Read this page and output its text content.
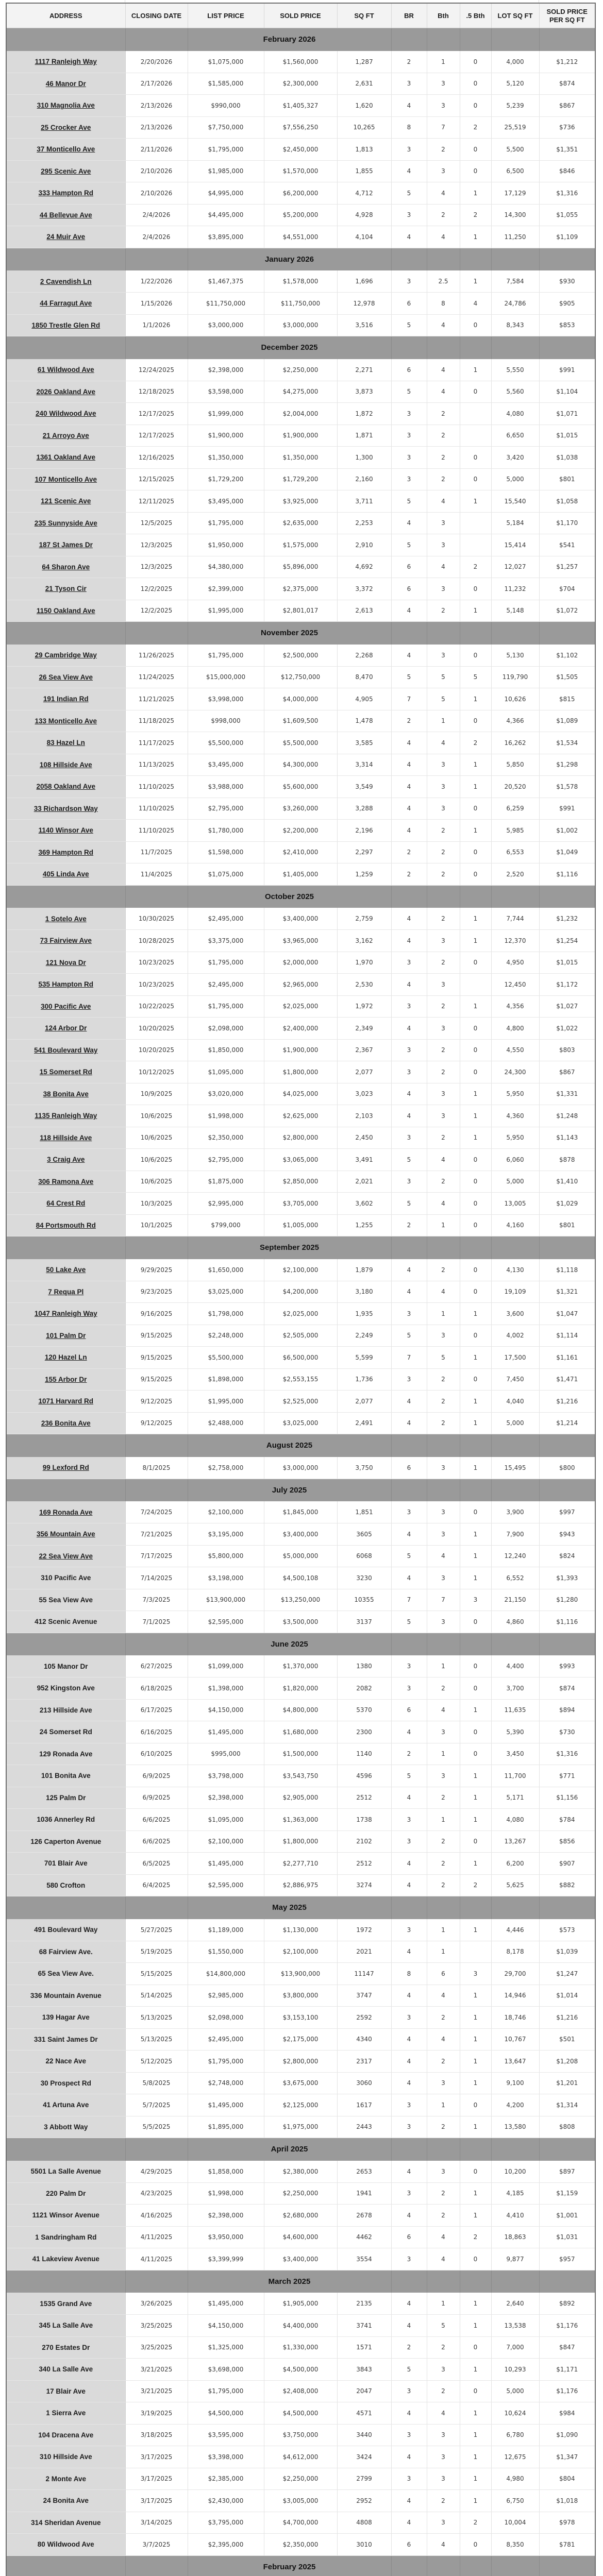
ADDRESS	CLOSING DATE	LIST PRICE	SOLD PRICE	SQ FT	BR	Bth	.5 Bth	LOT SQ FT	SOLD PRICE PER SQ FT
		February 2026							
1117 Ranleigh Way	2/20/2026	$1,075,000	$1,560,000	1,287	2	1	0	4,000	$1,212
46 Manor Dr	2/17/2026	$1,585,000	$2,300,000	2,631	3	3	0	5,120	$874
310 Magnolia Ave	2/13/2026	$990,000	$1,405,327	1,620	4	3	0	5,239	$867
25 Crocker Ave	2/13/2026	$7,750,000	$7,556,250	10,265	8	7	2	25,519	$736
37 Monticello Ave	2/11/2026	$1,795,000	$2,450,000	1,813	3	2	0	5,500	$1,351
295 Scenic Ave	2/10/2026	$1,985,000	$1,570,000	1,855	4	3	0	6,500	$846
333 Hampton Rd	2/10/2026	$4,995,000	$6,200,000	4,712	5	4	1	17,129	$1,316
44 Bellevue Ave	2/4/2026	$4,495,000	$5,200,000	4,928	3	2	2	14,300	$1,055
24 Muir Ave	2/4/2026	$3,895,000	$4,551,000	4,104	4	4	1	11,250	$1,109
		January 2026							
2 Cavendish Ln	1/22/2026	$1,467,375	$1,578,000	1,696	3	2.5	1	7,584	$930
44 Farragut Ave	1/15/2026	$11,750,000	$11,750,000	12,978	6	8	4	24,786	$905
1850 Trestle Glen Rd	1/1/2026	$3,000,000	$3,000,000	3,516	5	4	0	8,343	$853
		December 2025							
61 Wildwood Ave	12/24/2025	$2,398,000	$2,250,000	2,271	6	4	1	5,550	$991
2026 Oakland Ave	12/18/2025	$3,598,000	$4,275,000	3,873	5	4	0	5,560	$1,104
240 Wildwood Ave	12/17/2025	$1,999,000	$2,004,000	1,872	3	2		4,080	$1,071
21 Arroyo Ave	12/17/2025	$1,900,000	$1,900,000	1,871	3	2		6,650	$1,015
1361 Oakland Ave	12/16/2025	$1,350,000	$1,350,000	1,300	3	2	0	3,420	$1,038
107 Monticello Ave	12/15/2025	$1,729,200	$1,729,200	2,160	3	2	0	5,000	$801
121 Scenic Ave	12/11/2025	$3,495,000	$3,925,000	3,711	5	4	1	15,540	$1,058
235 Sunnyside Ave	12/5/2025	$1,795,000	$2,635,000	2,253	4	3		5,184	$1,170
187 St James Dr	12/3/2025	$1,950,000	$1,575,000	2,910	5	3		15,414	$541
64 Sharon Ave	12/3/2025	$4,380,000	$5,896,000	4,692	6	4	2	12,027	$1,257
21 Tyson Cir	12/2/2025	$2,399,000	$2,375,000	3,372	6	3	0	11,232	$704
1150 Oakland Ave	12/2/2025	$1,995,000	$2,801,017	2,613	4	2	1	5,148	$1,072
		November 2025							
29 Cambridge Way	11/26/2025	$1,795,000	$2,500,000	2,268	4	3	0	5,130	$1,102
26 Sea View Ave	11/24/2025	$15,000,000	$12,750,000	8,470	5	5	5	119,790	$1,505
191 Indian Rd	11/21/2025	$3,998,000	$4,000,000	4,905	7	5	1	10,626	$815
133 Monticello Ave	11/18/2025	$998,000	$1,609,500	1,478	2	1	0	4,366	$1,089
83 Hazel Ln	11/17/2025	$5,500,000	$5,500,000	3,585	4	4	2	16,262	$1,534
108 Hillside Ave	11/13/2025	$3,495,000	$4,300,000	3,314	4	3	1	5,850	$1,298
2058 Oakland Ave	11/10/2025	$3,988,000	$5,600,000	3,549	4	3	1	20,520	$1,578
33 Richardson Way	11/10/2025	$2,795,000	$3,260,000	3,288	4	3	0	6,259	$991
1140 Winsor Ave	11/10/2025	$1,780,000	$2,200,000	2,196	4	2	1	5,985	$1,002
369 Hampton Rd	11/7/2025	$1,598,000	$2,410,000	2,297	2	2	0	6,553	$1,049
405 Linda Ave	11/4/2025	$1,075,000	$1,405,000	1,259	2	2	0	2,520	$1,116
		October 2025							
1 Sotelo Ave	10/30/2025	$2,495,000	$3,400,000	2,759	4	2	1	7,744	$1,232
73 Fairview Ave	10/28/2025	$3,375,000	$3,965,000	3,162	4	3	1	12,370	$1,254
121 Nova Dr	10/23/2025	$1,795,000	$2,000,000	1,970	3	2	0	4,950	$1,015
535 Hampton Rd	10/23/2025	$2,495,000	$2,965,000	2,530	4	3		12,450	$1,172
300 Pacific Ave	10/22/2025	$1,795,000	$2,025,000	1,972	3	2	1	4,356	$1,027
124 Arbor Dr	10/20/2025	$2,098,000	$2,400,000	2,349	4	3	0	4,800	$1,022
541 Boulevard Way	10/20/2025	$1,850,000	$1,900,000	2,367	3	2	0	4,550	$803
15 Somerset Rd	10/12/2025	$1,095,000	$1,800,000	2,077	3	2	0	24,300	$867
38 Bonita Ave	10/9/2025	$3,020,000	$4,025,000	3,023	4	3	1	5,950	$1,331
1135 Ranleigh Way	10/6/2025	$1,998,000	$2,625,000	2,103	4	3	1	4,360	$1,248
118 Hillside Ave	10/6/2025	$2,350,000	$2,800,000	2,450	3	2	1	5,950	$1,143
3 Craig Ave	10/6/2025	$2,795,000	$3,065,000	3,491	5	4	0	6,060	$878
306 Ramona Ave	10/6/2025	$1,875,000	$2,850,000	2,021	3	2	0	5,000	$1,410
64 Crest Rd	10/3/2025	$2,995,000	$3,705,000	3,602	5	4	0	13,005	$1,029
84 Portsmouth Rd	10/1/2025	$799,000	$1,005,000	1,255	2	1	0	4,160	$801
		September 2025							
50 Lake Ave	9/29/2025	$1,650,000	$2,100,000	1,879	4	2	0	4,130	$1,118
7 Requa Pl	9/23/2025	$3,025,000	$4,200,000	3,180	4	4	0	19,109	$1,321
1047 Ranleigh Way	9/16/2025	$1,798,000	$2,025,000	1,935	3	1	1	3,600	$1,047
101 Palm Dr	9/15/2025	$2,248,000	$2,505,000	2,249	5	3	0	4,002	$1,114
120 Hazel Ln	9/15/2025	$5,500,000	$6,500,000	5,599	7	5	1	17,500	$1,161
155 Arbor Dr	9/15/2025	$1,898,000	$2,553,155	1,736	3	2	0	7,450	$1,471
1071 Harvard Rd	9/12/2025	$1,995,000	$2,525,000	2,077	4	2	1	4,040	$1,216
236 Bonita Ave	9/12/2025	$2,488,000	$3,025,000	2,491	4	2	1	5,000	$1,214
		August 2025							
99 Lexford Rd	8/1/2025	$2,758,000	$3,000,000	3,750	6	3	1	15,495	$800
		July 2025							
169 Ronada Ave	7/24/2025	$2,100,000	$1,845,000	1,851	3	3	0	3,900	$997
356 Mountain Ave	7/21/2025	$3,195,000	$3,400,000	3605	4	3	1	7,900	$943
22 Sea View Ave	7/17/2025	$5,800,000	$5,000,000	6068	5	4	1	12,240	$824
310 Pacific Ave	7/14/2025	$3,198,000	$4,500,108	3230	4	3	1	6,552	$1,393
55 Sea View Ave	7/3/2025	$13,900,000	$13,250,000	10355	7	7	3	21,150	$1,280
412 Scenic Avenue	7/1/2025	$2,595,000	$3,500,000	3137	5	3	0	4,860	$1,116
		June 2025							
105 Manor Dr	6/27/2025	$1,099,000	$1,370,000	1380	3	1	0	4,400	$993
952 Kingston Ave	6/18/2025	$1,398,000	$1,820,000	2082	3	2	0	3,700	$874
213 Hillside Ave	6/17/2025	$4,150,000	$4,800,000	5370	6	4	1	11,635	$894
24 Somerset Rd	6/16/2025	$1,495,000	$1,680,000	2300	4	3	0	5,390	$730
129 Ronada Ave	6/10/2025	$995,000	$1,500,000	1140	2	1	0	3,450	$1,316
101 Bonita Ave	6/9/2025	$3,798,000	$3,543,750	4596	5	3	1	11,700	$771
125 Palm Dr	6/9/2025	$2,398,000	$2,905,000	2512	4	2	1	5,171	$1,156
1036 Annerley Rd	6/6/2025	$1,095,000	$1,363,000	1738	3	1	1	4,080	$784
126 Caperton Avenue	6/6/2025	$2,100,000	$1,800,000	2102	3	2	0	13,267	$856
701 Blair Ave	6/5/2025	$1,495,000	$2,277,710	2512	4	2	1	6,200	$907
580 Crofton	6/4/2025	$2,595,000	$2,886,975	3274	4	2	2	5,625	$882
		May 2025							
491 Boulevard Way	5/27/2025	$1,189,000	$1,130,000	1972	3	1	1	4,446	$573
68 Fairview Ave.	5/19/2025	$1,550,000	$2,100,000	2021	4	1		8,178	$1,039
65 Sea View Ave.	5/15/2025	$14,800,000	$13,900,000	11147	8	6	3	29,700	$1,247
336 Mountain Avenue	5/14/2025	$2,985,000	$3,800,000	3747	4	4	1	14,946	$1,014
139 Hagar Ave	5/13/2025	$2,098,000	$3,153,100	2592	3	2	1	18,746	$1,216
331 Saint James Dr	5/13/2025	$2,495,000	$2,175,000	4340	4	4	1	10,767	$501
22 Nace Ave	5/12/2025	$1,795,000	$2,800,000	2317	4	2	1	13,647	$1,208
30 Prospect Rd	5/8/2025	$2,748,000	$3,675,000	3060	4	3	1	9,100	$1,201
41 Artuna Ave	5/7/2025	$1,495,000	$2,125,000	1617	3	1	0	4,200	$1,314
3 Abbott Way	5/5/2025	$1,895,000	$1,975,000	2443	3	2	1	13,580	$808
		April 2025							
5501 La Salle Avenue	4/29/2025	$1,858,000	$2,380,000	2653	4	3	0	10,200	$897
220 Palm Dr	4/23/2025	$1,998,000	$2,250,000	1941	3	2	1	4,185	$1,159
1121 Winsor Avenue	4/16/2025	$2,398,000	$2,680,000	2678	4	2	1	4,410	$1,001
1 Sandringham Rd	4/11/2025	$3,950,000	$4,600,000	4462	6	4	2	18,863	$1,031
41 Lakeview Avenue	4/11/2025	$3,399,999	$3,400,000	3554	3	4	0	9,877	$957
		March 2025							
1535 Grand Ave	3/26/2025	$1,495,000	$1,905,000	2135	4	1	1	2,640	$892
345 La Salle Ave	3/25/2025	$4,150,000	$4,400,000	3741	4	5	1	13,538	$1,176
270 Estates Dr	3/25/2025	$1,325,000	$1,330,000	1571	2	2	0	7,000	$847
340 La Salle Ave	3/21/2025	$3,698,000	$4,500,000	3843	5	3	1	10,293	$1,171
17 Blair Ave	3/21/2025	$1,795,000	$2,408,000	2047	3	2	0	5,000	$1,176
1 Sierra Ave	3/19/2025	$4,500,000	$4,500,000	4571	4	4	1	10,624	$984
104 Dracena Ave	3/18/2025	$3,595,000	$3,750,000	3440	3	3	1	6,780	$1,090
310 Hillside Ave	3/17/2025	$3,398,000	$4,612,000	3424	4	3	1	12,675	$1,347
2 Monte Ave	3/17/2025	$2,385,000	$2,250,000	2799	3	3	1	4,980	$804
24 Bonita Ave	3/17/2025	$2,430,000	$3,005,000	2952	4	2	1	6,750	$1,018
314 Sheridan Avenue	3/14/2025	$3,795,000	$4,700,000	4808	4	3	2	10,004	$978
80 Wildwood Ave	3/7/2025	$2,395,000	$2,350,000	3010	6	4	0	8,350	$781
		February 2025							
